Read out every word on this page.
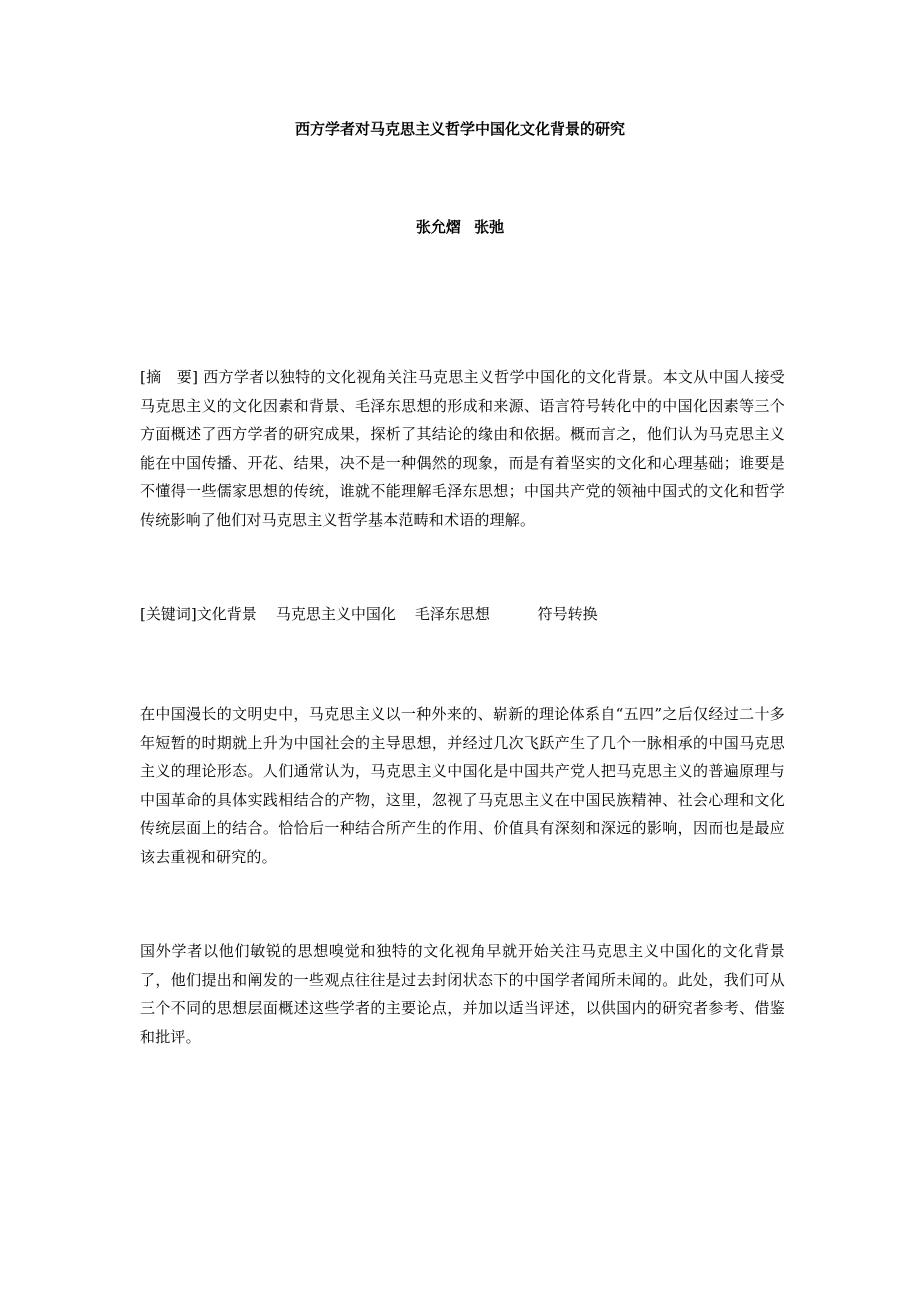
西方学者对马克思主义哲学中国化文化背景的研究
张允熠 张弛

[摘　要] 西方学者以独特的文化视角关注马克思主义哲学中国化的文化背景。本文从中国人接受马克思主义的文化因素和背景、毛泽东思想的形成和来源、语言符号转化中的中国化因素等三个方面概述了西方学者的研究成果，探析了其结论的缘由和依据。概而言之，他们认为马克思主义能在中国传播、开花、结果，决不是一种偶然的现象，而是有着坚实的文化和心理基础；谁要是不懂得一些儒家思想的传统，谁就不能理解毛泽东思想；中国共产党的领袖中国式的文化和哲学传统影响了他们对马克思主义哲学基本范畴和术语的理解。

[关键词]文化背景 马克思主义中国化 毛泽东思想	符号转换

在中国漫长的文明史中，马克思主义以一种外来的、崭新的理论体系自“五四”之后仅经过二十多年短暂的时期就上升为中国社会的主导思想，并经过几次飞跃产生了几个一脉相承的中国马克思主义的理论形态。人们通常认为，马克思主义中国化是中国共产党人把马克思主义的普遍原理与中国革命的具体实践相结合的产物，这里，忽视了马克思主义在中国民族精神、社会心理和文化传统层面上的结合。恰恰后一种结合所产生的作用、价值具有深刻和深远的影响，因而也是最应该去重视和研究的。

国外学者以他们敏锐的思想嗅觉和独特的文化视角早就开始关注马克思主义中国化的文化背景了，他们提出和阐发的一些观点往往是过去封闭状态下的中国学者闻所未闻的。此处，我们可从三个不同的思想层面概述这些学者的主要论点，并加以适当评述，以供国内的研究者参考、借鉴和批评。
